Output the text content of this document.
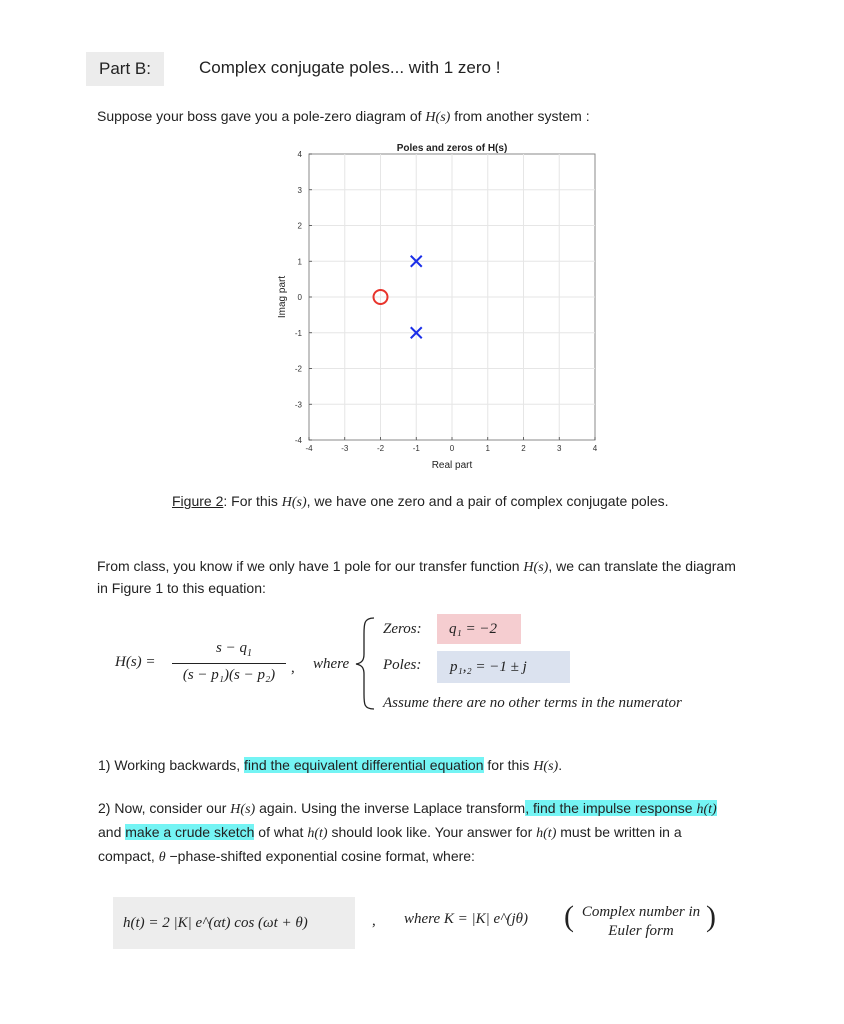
Part B:	Complex conjugate poles... with 1 zero !
Suppose your boss gave you a pole-zero diagram of H(s) from another system :
-4	-3	-2	-1	0	1	2	3	4
4
3
2
1
0
-1
-2
-3
-4
Poles and zeros of H(s)
Real part
Imag part
Figure 2: For this H(s), we have one zero and a pair of complex conjugate poles.
From class, you know if we only have 1 pole for our transfer function H(s), we can translate the diagram
in Figure 1 to this equation:
H(s) =
$s - q_1$
(s − p₁)(s − p₂)	, where
Zeros:	q₁ = −2
Poles:	p₁,₂ = −1 ± j
Assume there are no other terms in the numerator
1) Working backwards, find the equivalent differential equation for this H(s).
2) Now, consider our H(s) again. Using the inverse Laplace transform, find the impulse response h(t)
and make a crude sketch of what h(t) should look like. Your answer for h(t) must be written in a
compact, θ −phase-shifted exponential cosine format, where:
h(t) = 2 |K| e^(αt) cos (ωt + θ)	, where K = |K| e^(jθ) ( Complex number in
Euler form	)
